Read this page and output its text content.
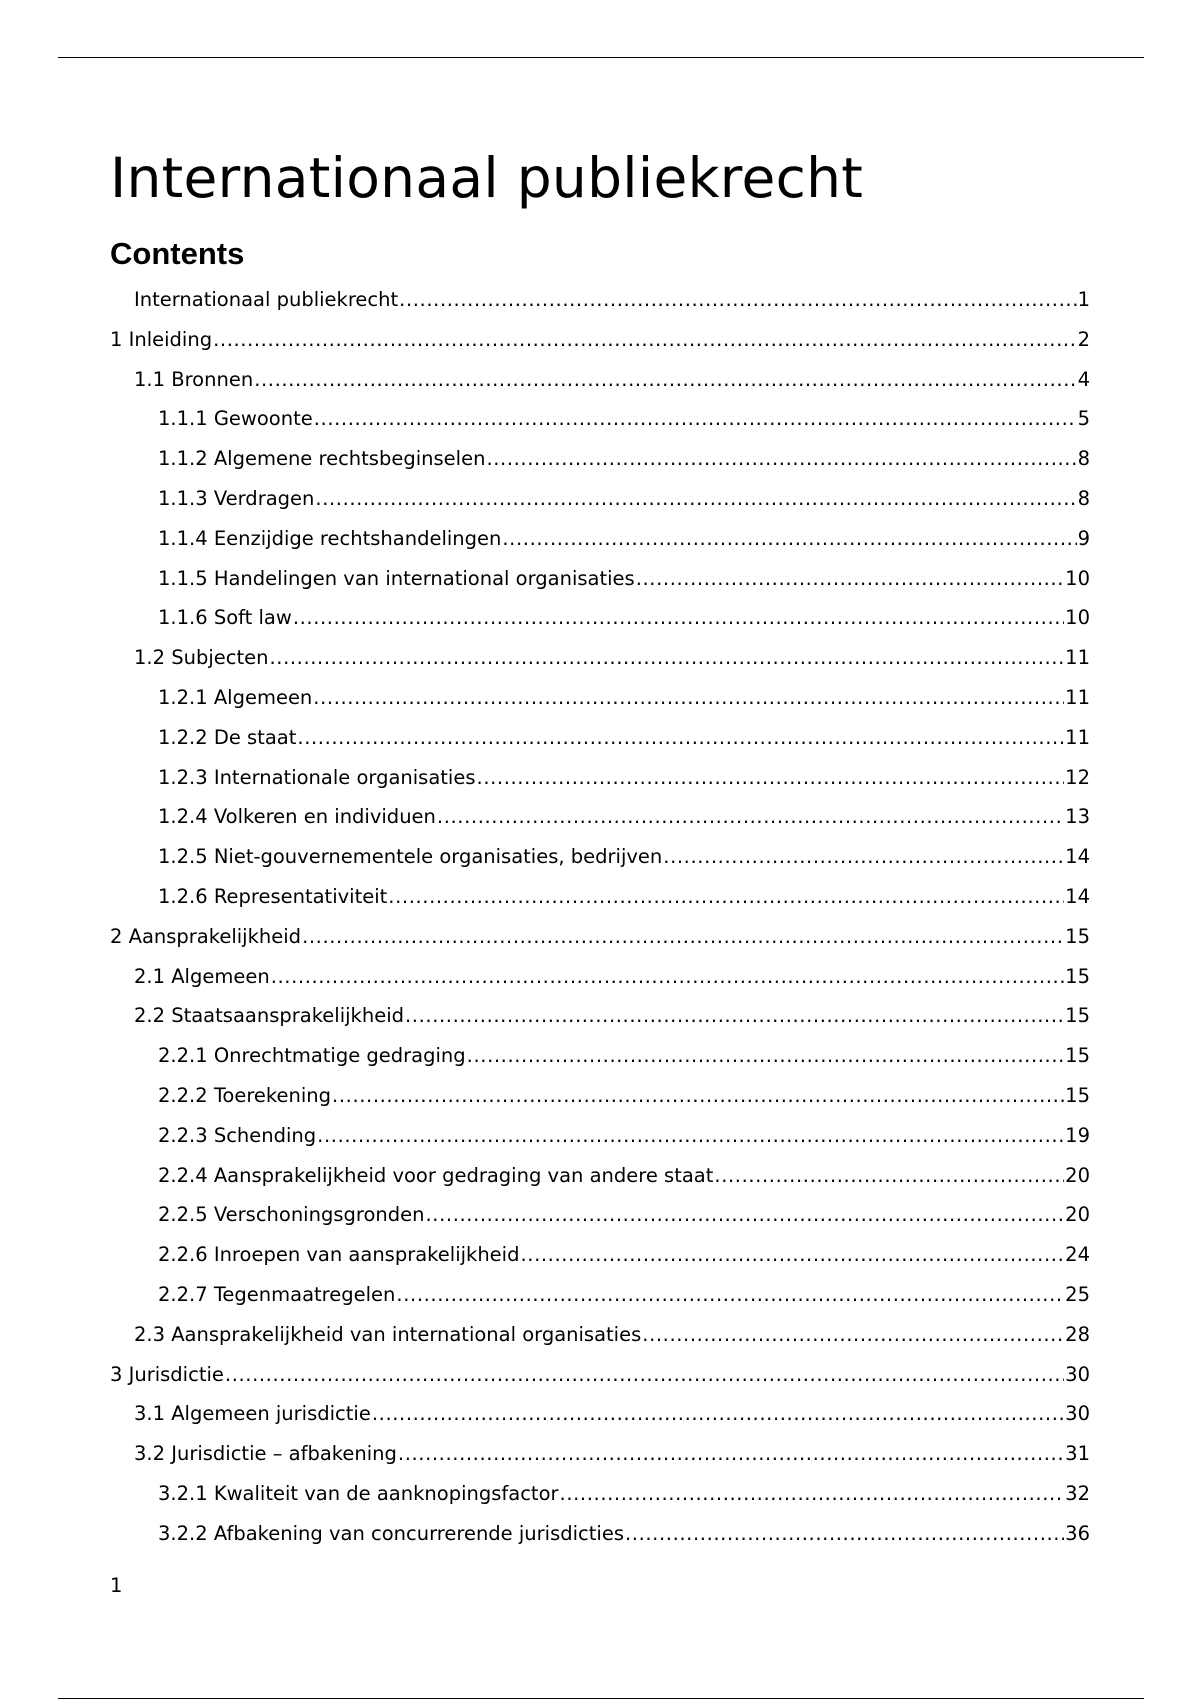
Internationaal publiekrecht
Contents
Internationaal publiekrecht .....	1
1 Inleiding .....	2
1.1 Bronnen .....	4
1.1.1 Gewoonte .....	5
1.1.2 Algemene rechtsbeginselen .....	8
1.1.3 Verdragen .....	8
1.1.4 Eenzijdige rechtshandelingen .....	9
1.1.5 Handelingen van international organisaties .....	10
1.1.6 Soft law .....	10
1.2 Subjecten .....	11
1.2.1 Algemeen .....	11
1.2.2 De staat .....	11
1.2.3 Internationale organisaties .....	12
1.2.4 Volkeren en individuen .....	13
1.2.5 Niet-gouvernementele organisaties, bedrijven .....	14
1.2.6 Representativiteit .....	14
2 Aansprakelijkheid .....	15
2.1 Algemeen .....	15
2.2 Staatsaansprakelijkheid .....	15
2.2.1 Onrechtmatige gedraging .....	15
2.2.2 Toerekening .....	15
2.2.3 Schending .....	19
2.2.4 Aansprakelijkheid voor gedraging van andere staat .....	20
2.2.5 Verschoningsgronden .....	20
2.2.6 Inroepen van aansprakelijkheid .....	24
2.2.7 Tegenmaatregelen .....	25
2.3 Aansprakelijkheid van international organisaties .....	28
3 Jurisdictie .....	30
3.1 Algemeen jurisdictie .....	30
3.2 Jurisdictie – afbakening .....	31
3.2.1 Kwaliteit van de aanknopingsfactor .....	32
3.2.2 Afbakening van concurrerende jurisdicties .....	36
1
